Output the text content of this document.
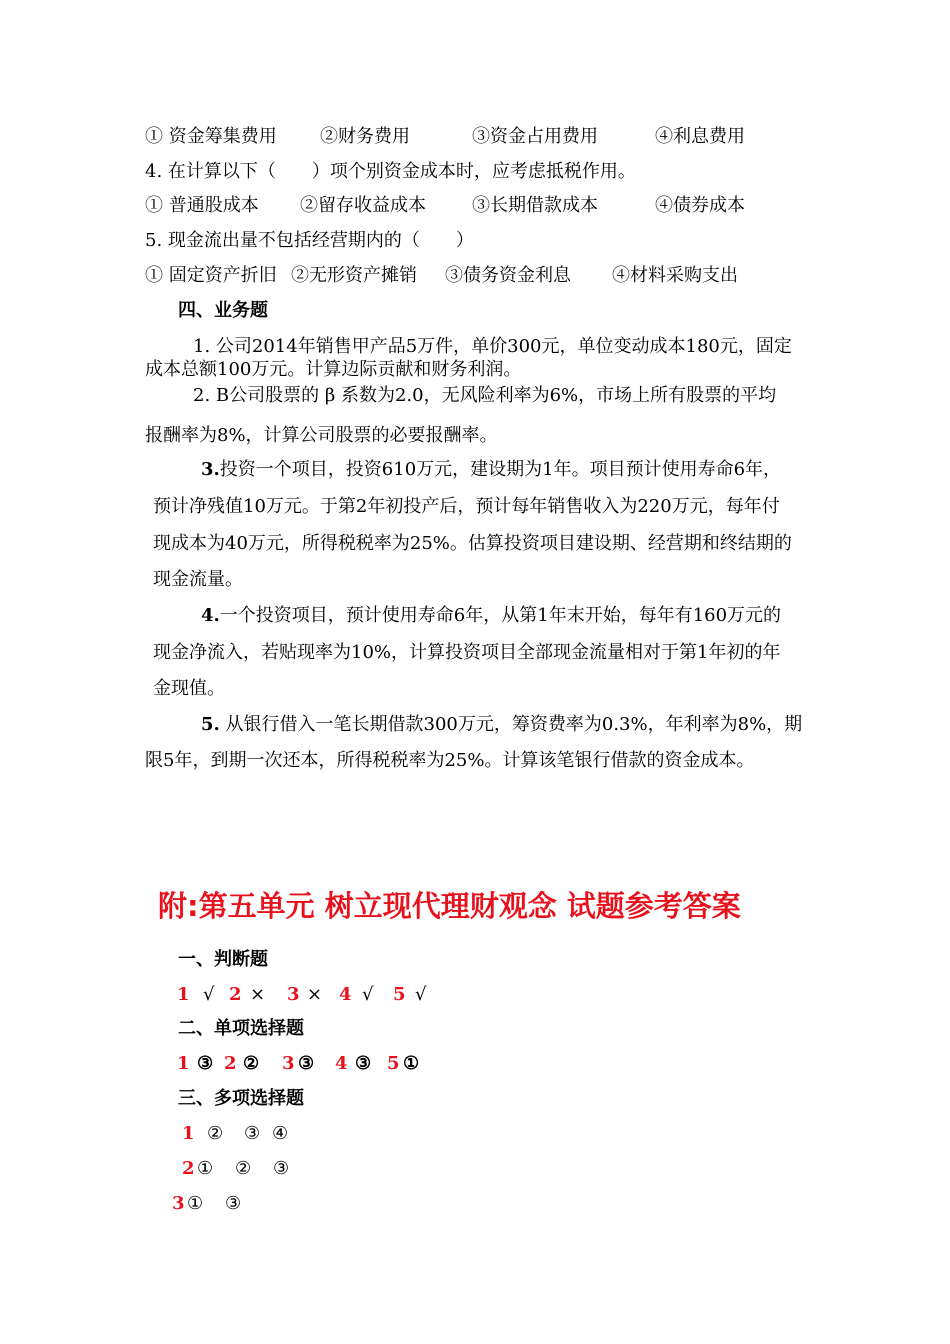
① 资金筹集费用 ②财务费用	③资金占用费用	④利息费用
4. 在计算以下（　　）项个别资金成本时，应考虑抵税作用。
① 普通股成本 ②留存收益成本	③长期借款成本	④债券成本
5. 现金流出量不包括经营期内的（　　）
① 固定资产折旧 ②无形资产摊销 ③债务资金利息 ④材料采购支出
四、业务题
1. 公司2014年销售甲产品5万件，单价300元，单位变动成本180元，固定
成本总额100万元。计算边际贡献和财务利润。
2. B公司股票的 β 系数为2.0，无风险利率为6%，市场上所有股票的平均
报酬率为8%，计算公司股票的必要报酬率。
3.投资一个项目，投资610万元，建设期为1年。项目预计使用寿命6年，
预计净残值10万元。于第2年初投产后，预计每年销售收入为220万元，每年付
现成本为40万元，所得税税率为25%。估算投资项目建设期、经营期和终结期的
现金流量。
4.一个投资项目，预计使用寿命6年，从第1年末开始，每年有160万元的
现金净流入，若贴现率为10%，计算投资项目全部现金流量相对于第1年初的年
金现值。
5. 从银行借入一笔长期借款300万元，筹资费率为0.3%，年利率为8%，期
限5年，到期一次还本，所得税税率为25%。计算该笔银行借款的资金成本。
附:第五单元 树立现代理财观念 试题参考答案
一、判断题
1 √ 2 × 3 × 4 √ 5 √
二、单项选择题
1 ③ 2 ② 3 ③ 4 ③ 5 ①
三、多项选择题
1 ② ③ ④
2 ① ② ③
3 ① ③
